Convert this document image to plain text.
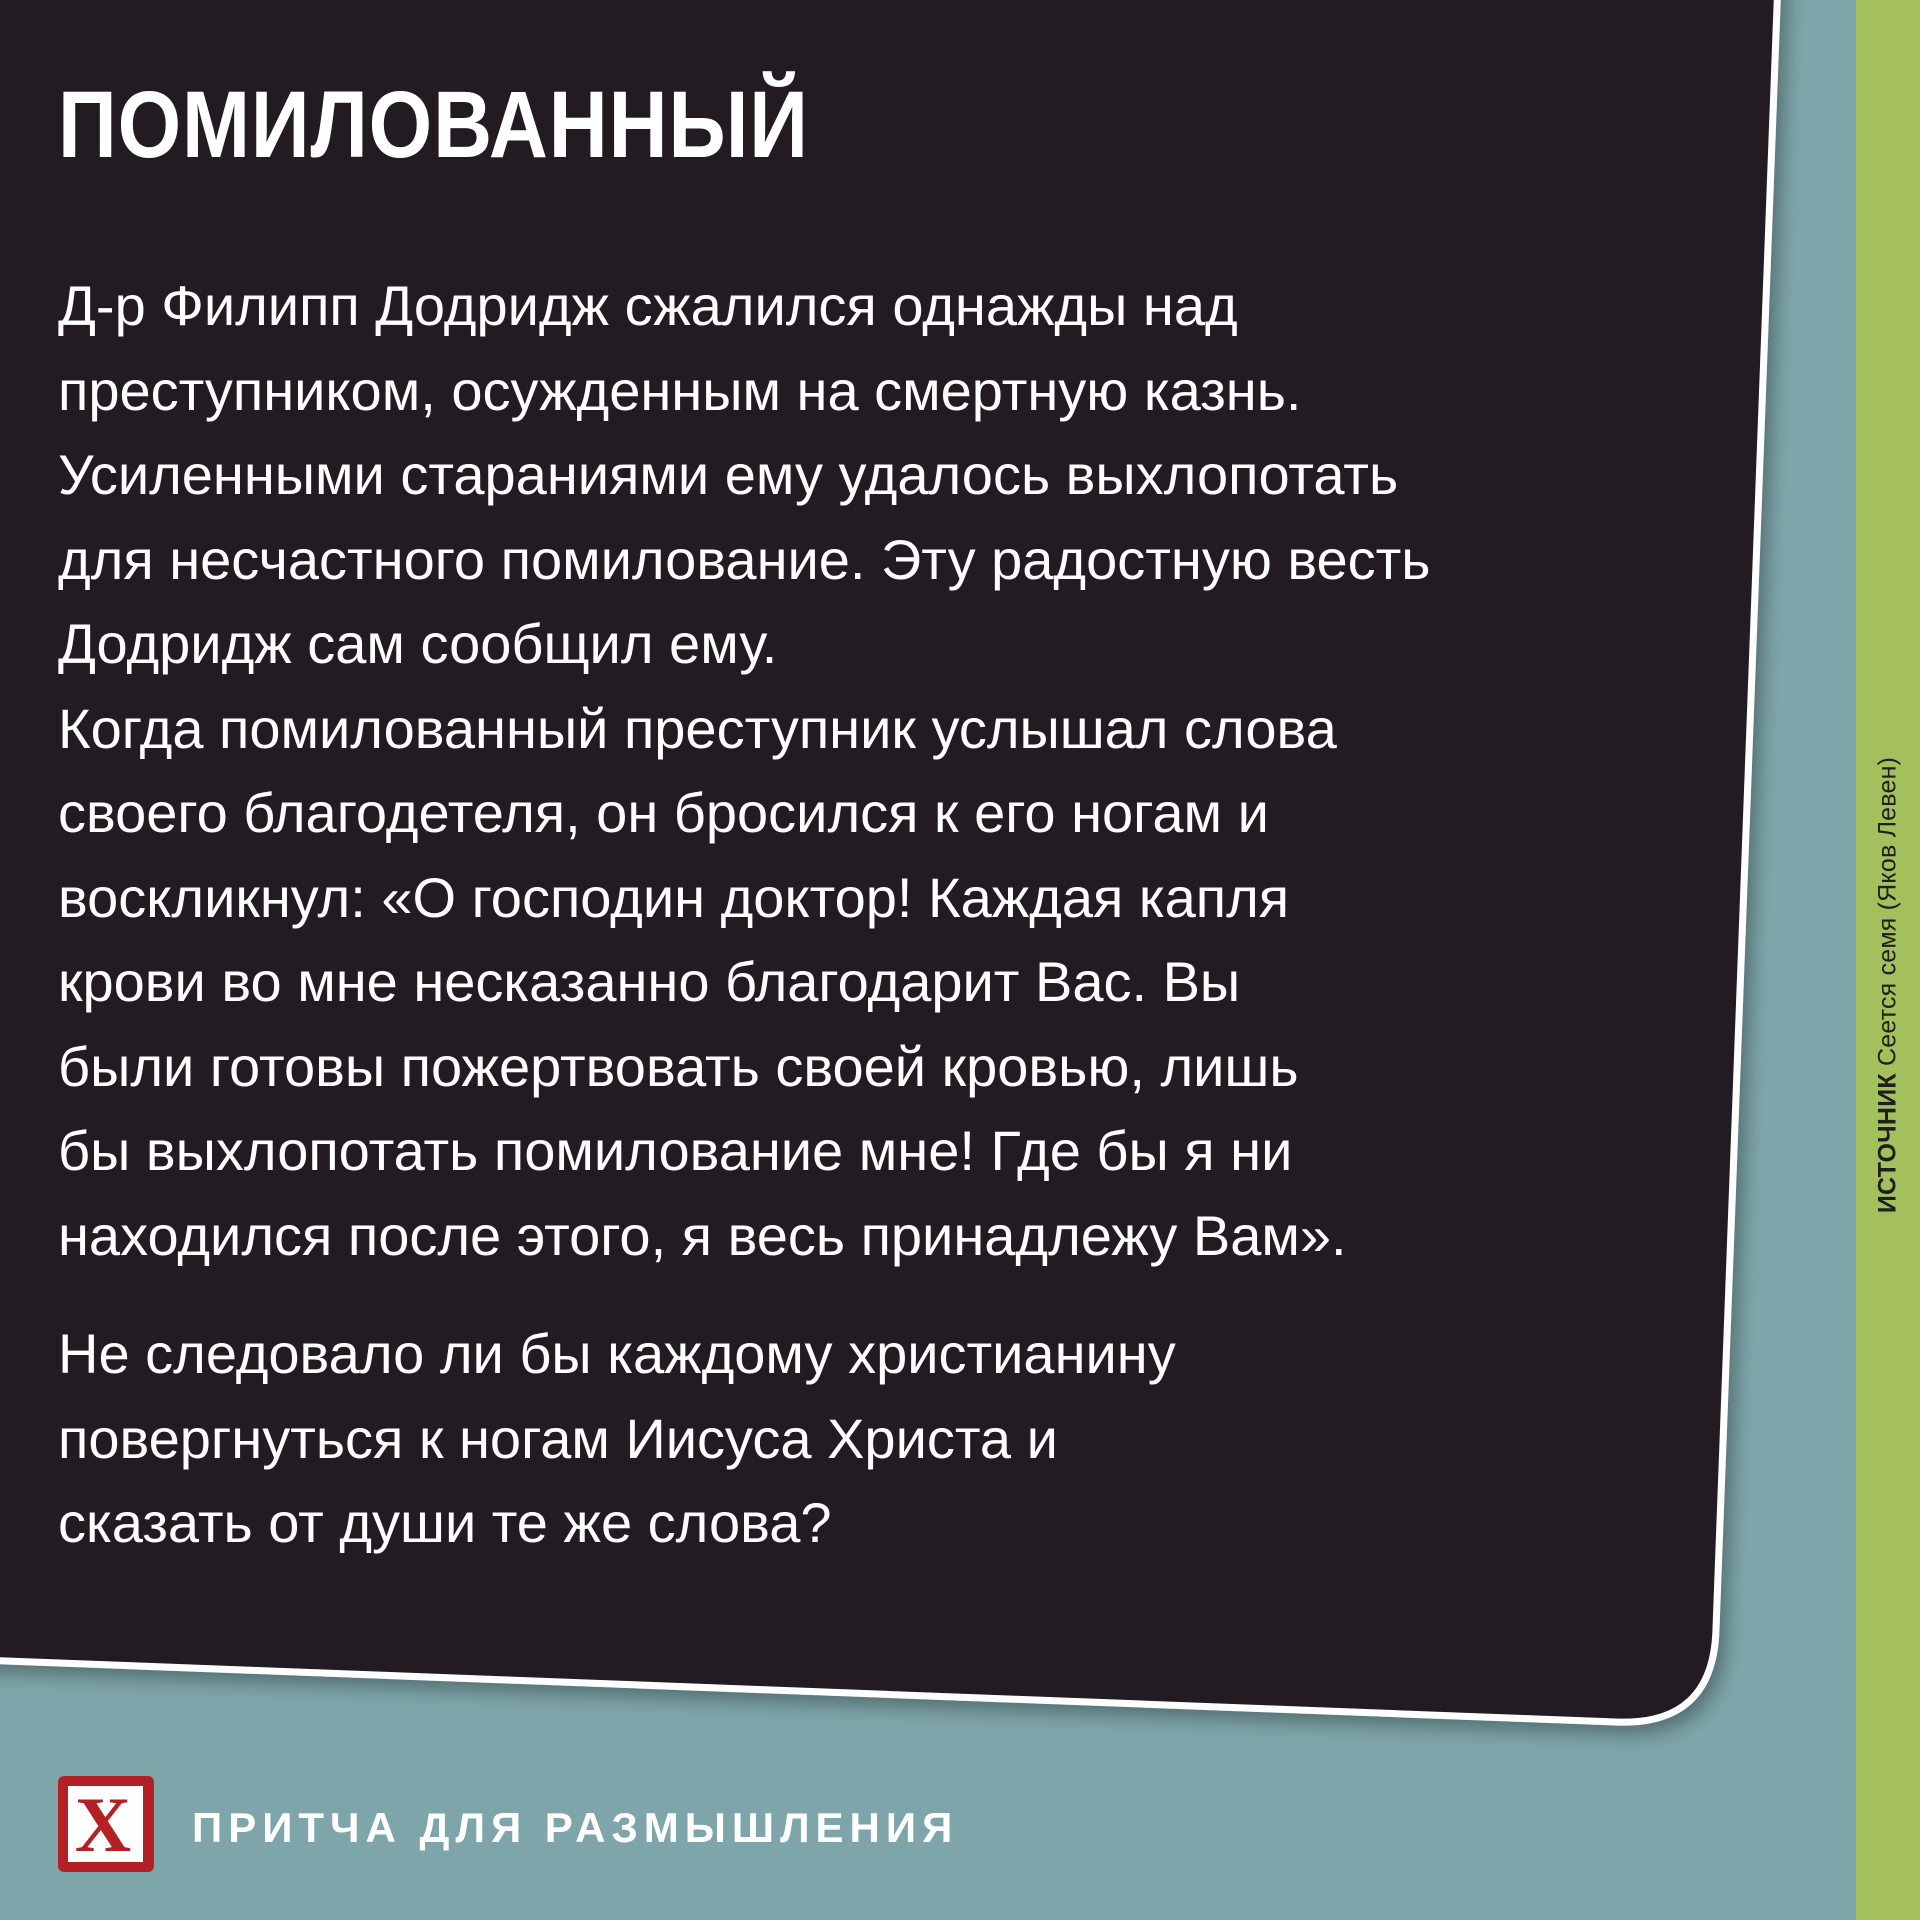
ПОМИЛОВАННЫЙ

Д-р Филипп Додридж сжалился однажды над
преступником, осужденным на смертную казнь.
Усиленными стараниями ему удалось выхлопотать
для несчастного помилование. Эту радостную весть
Додридж сам сообщил ему.
Когда помилованный преступник услышал слова
своего благодетеля, он бросился к его ногам и
воскликнул: «О господин доктор! Каждая капля
крови во мне несказанно благодарит Вас. Вы
были готовы пожертвовать своей кровью, лишь
бы выхлопотать помилование мне! Где бы я ни
находился после этого, я весь принадлежу Вам».

Не следовало ли бы каждому христианину
повергнуться к ногам Иисуса Христа и
сказать от души те же слова?

ИСТОЧНИК Сеется семя (Яков Левен)
X ПРИТЧА ДЛЯ РАЗМЫШЛЕНИЯ
